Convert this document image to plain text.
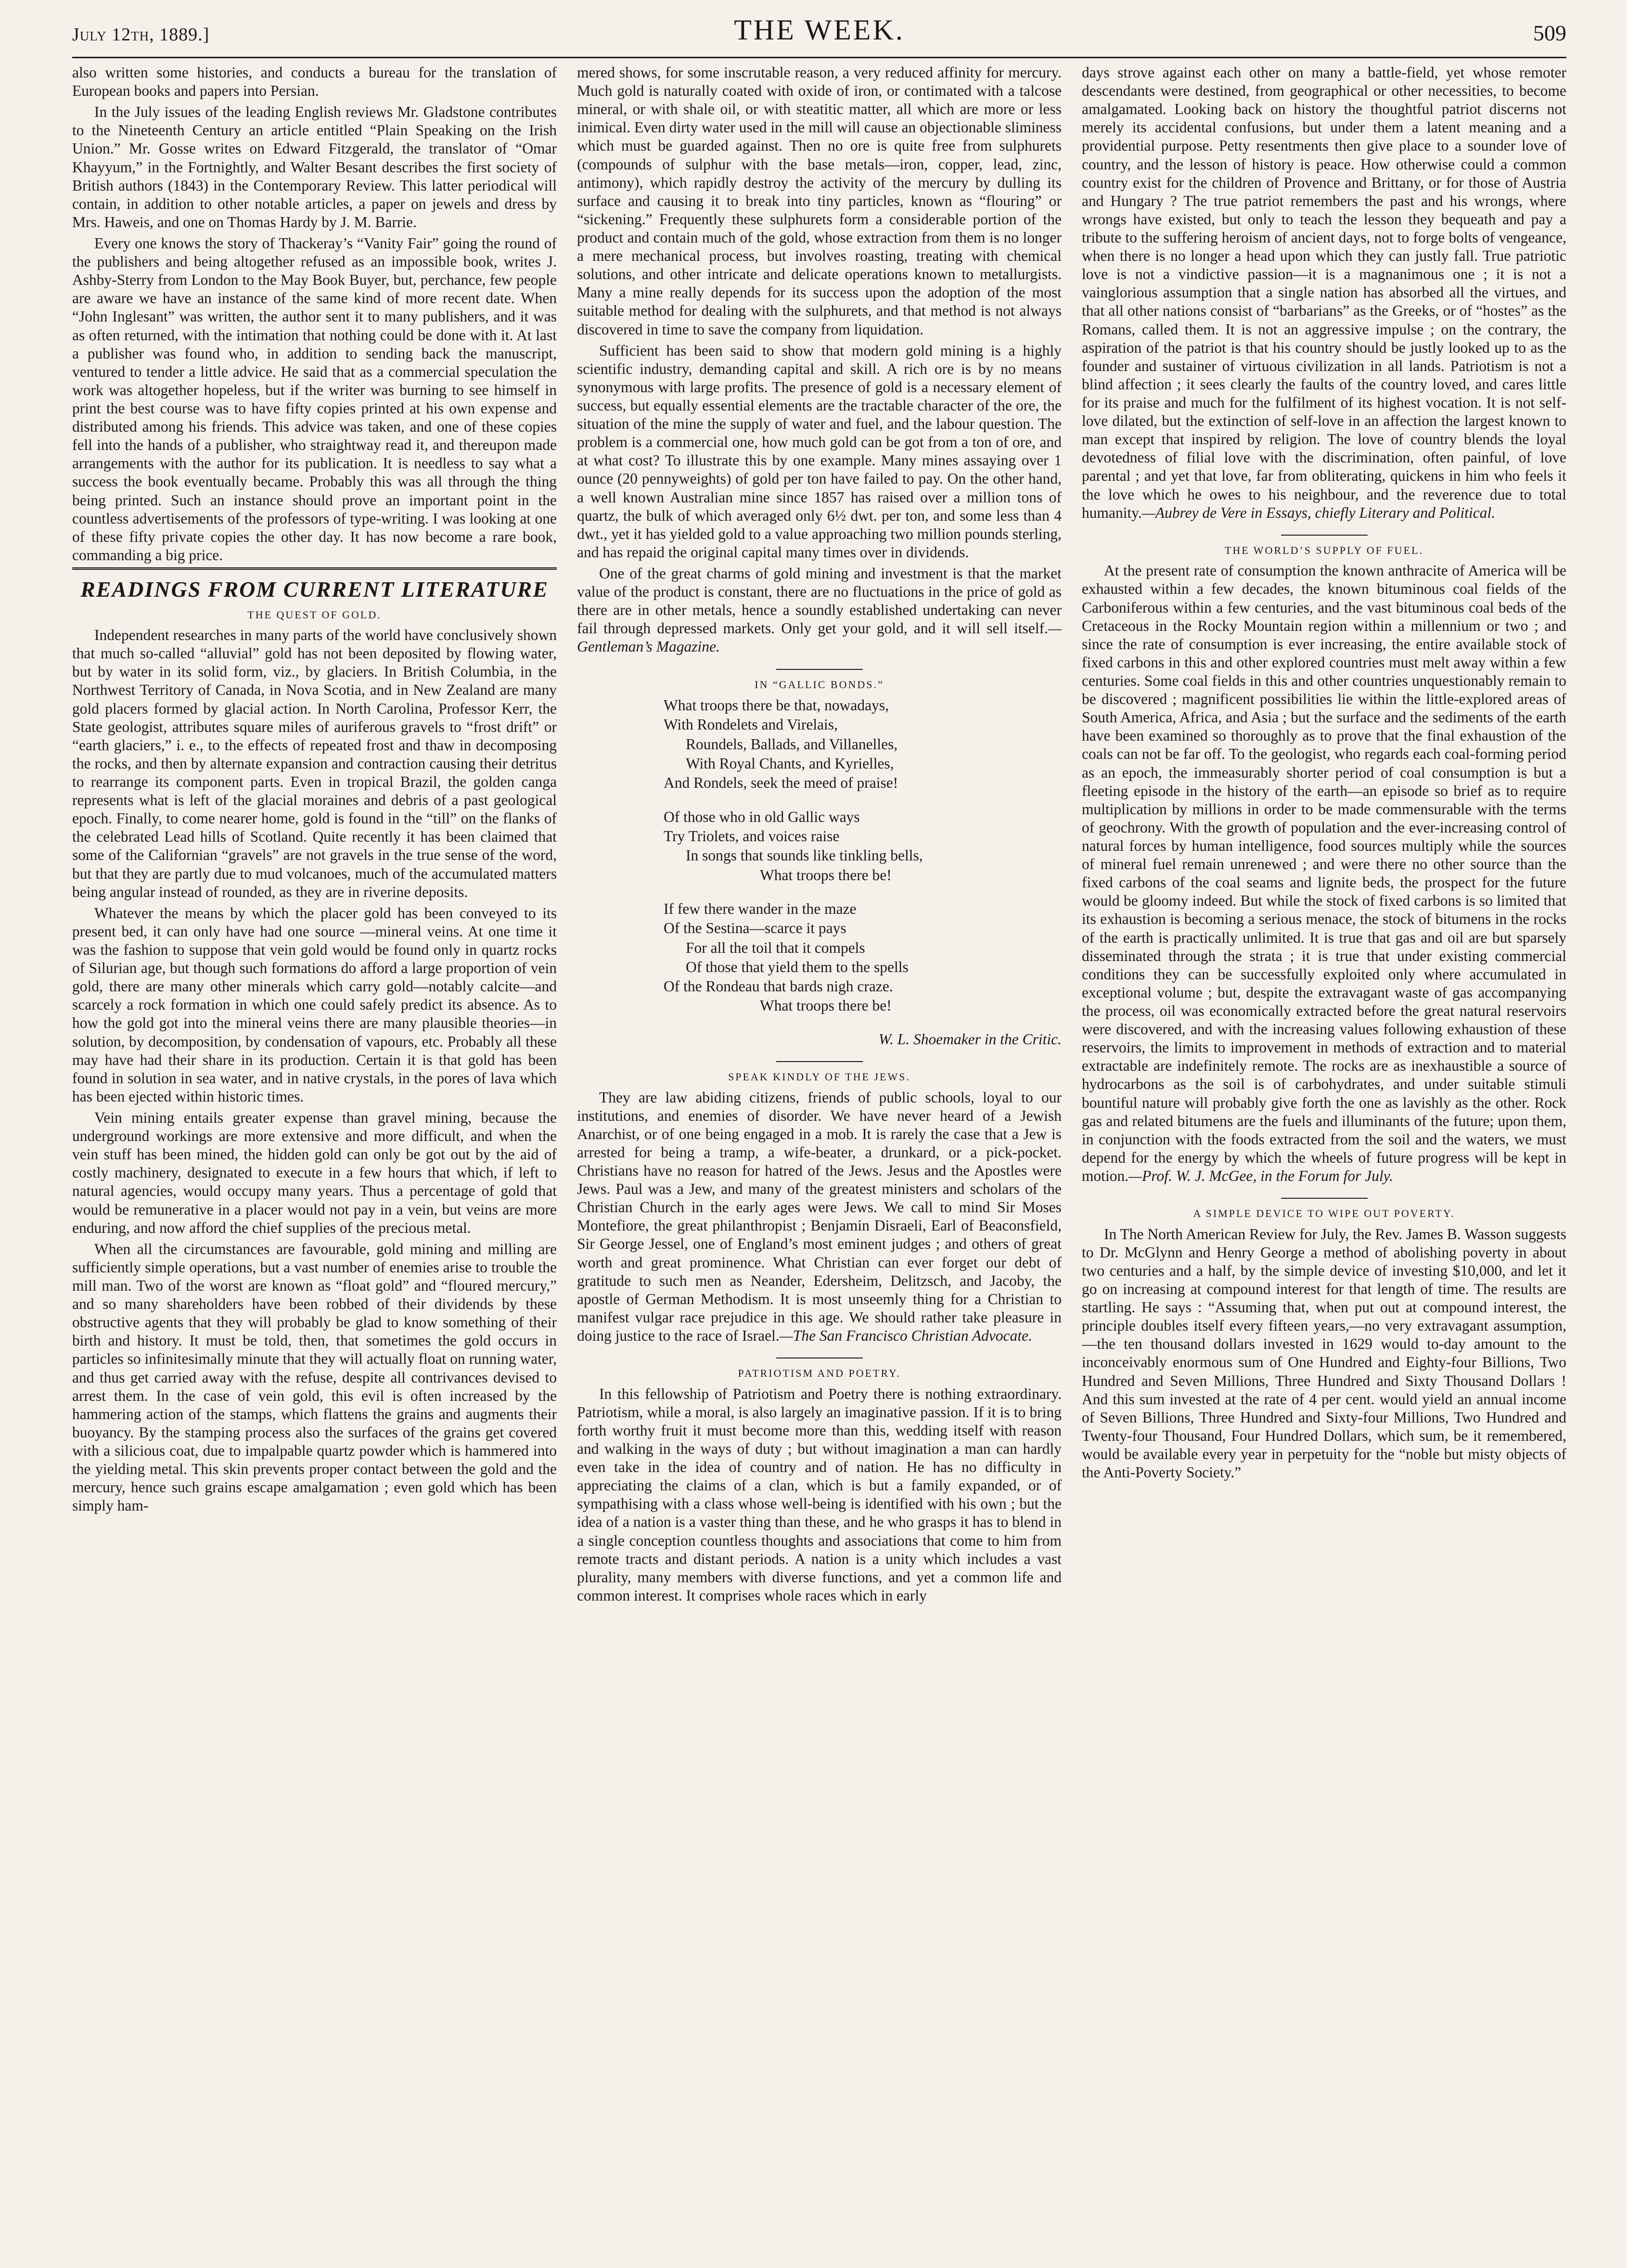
July 12th, 1889.]	THE WEEK.	509

also written some histories, and conducts a bureau for the translation of European books and papers into Persian.

In the July issues of the leading English reviews Mr. Gladstone contributes to the Nineteenth Century an article entitled “Plain Speaking on the Irish Union.” Mr. Gosse writes on Edward Fitzgerald, the translator of “Omar Khayyum,” in the Fortnightly, and Walter Besant describes the first society of British authors (1843) in the Contemporary Review. This latter periodical will contain, in addition to other notable articles, a paper on jewels and dress by Mrs. Haweis, and one on Thomas Hardy by J. M. Barrie.

Every one knows the story of Thackeray’s “Vanity Fair” going the round of the publishers and being altogether refused as an impossible book, writes J. Ashby-Sterry from London to the May Book Buyer, but, perchance, few people are aware we have an instance of the same kind of more recent date. When “John Inglesant” was written, the author sent it to many publishers, and it was as often returned, with the intimation that nothing could be done with it. At last a publisher was found who, in addition to sending back the manuscript, ventured to tender a little advice. He said that as a commercial speculation the work was altogether hopeless, but if the writer was burning to see himself in print the best course was to have fifty copies printed at his own expense and distributed among his friends. This advice was taken, and one of these copies fell into the hands of a publisher, who straightway read it, and thereupon made arrangements with the author for its publication. It is needless to say what a success the book eventually became. Probably this was all through the thing being printed. Such an instance should prove an important point in the countless advertisements of the professors of type-writing. I was looking at one of these fifty private copies the other day. It has now become a rare book, commanding a big price.

READINGS FROM CURRENT LITERATURE
THE QUEST OF GOLD.

Independent researches in many parts of the world have conclusively shown that much so-called “alluvial” gold has not been deposited by flowing water, but by water in its solid form, viz., by glaciers. In British Columbia, in the Northwest Territory of Canada, in Nova Scotia, and in New Zealand are many gold placers formed by glacial action. In North Carolina, Professor Kerr, the State geologist, attributes square miles of auriferous gravels to “frost drift” or “earth glaciers,” i. e., to the effects of repeated frost and thaw in decomposing the rocks, and then by alternate expansion and contraction causing their detritus to rearrange its component parts. Even in tropical Brazil, the golden canga represents what is left of the glacial moraines and debris of a past geological epoch. Finally, to come nearer home, gold is found in the “till” on the flanks of the celebrated Lead hills of Scotland. Quite recently it has been claimed that some of the Californian “gravels” are not gravels in the true sense of the word, but that they are partly due to mud volcanoes, much of the accumulated matters being angular instead of rounded, as they are in riverine deposits.

Whatever the means by which the placer gold has been conveyed to its present bed, it can only have had one source —mineral veins. At one time it was the fashion to suppose that vein gold would be found only in quartz rocks of Silurian age, but though such formations do afford a large proportion of vein gold, there are many other minerals which carry gold—notably calcite—and scarcely a rock formation in which one could safely predict its absence. As to how the gold got into the mineral veins there are many plausible theories—in solution, by decomposition, by condensation of vapours, etc. Probably all these may have had their share in its production. Certain it is that gold has been found in solution in sea water, and in native crystals, in the pores of lava which has been ejected within historic times.

Vein mining entails greater expense than gravel mining, because the underground workings are more extensive and more difficult, and when the vein stuff has been mined, the hidden gold can only be got out by the aid of costly machinery, designated to execute in a few hours that which, if left to natural agencies, would occupy many years. Thus a percentage of gold that would be remunerative in a placer would not pay in a vein, but veins are more enduring, and now afford the chief supplies of the precious metal.

When all the circumstances are favourable, gold mining and milling are sufficiently simple operations, but a vast number of enemies arise to trouble the mill man. Two of the worst are known as “float gold” and “floured mercury,” and so many shareholders have been robbed of their dividends by these obstructive agents that they will probably be glad to know something of their birth and history. It must be told, then, that sometimes the gold occurs in particles so infinitesimally minute that they will actually float on running water, and thus get carried away with the refuse, despite all contrivances devised to arrest them. In the case of vein gold, this evil is often increased by the hammering action of the stamps, which flattens the grains and augments their buoyancy. By the stamping process also the surfaces of the grains get covered with a silicious coat, due to impalpable quartz powder which is hammered into the yielding metal. This skin prevents proper contact between the gold and the mercury, hence such grains escape amalgamation ; even gold which has been simply ham-

mered shows, for some inscrutable reason, a very reduced affinity for mercury. Much gold is naturally coated with oxide of iron, or contimated with a talcose mineral, or with shale oil, or with steatitic matter, all which are more or less inimical. Even dirty water used in the mill will cause an objectionable sliminess which must be guarded against. Then no ore is quite free from sulphurets (compounds of sulphur with the base metals—iron, copper, lead, zinc, antimony), which rapidly destroy the activity of the mercury by dulling its surface and causing it to break into tiny particles, known as “flouring” or “sickening.” Frequently these sulphurets form a considerable portion of the product and contain much of the gold, whose extraction from them is no longer a mere mechanical process, but involves roasting, treating with chemical solutions, and other intricate and delicate operations known to metallurgists. Many a mine really depends for its success upon the adoption of the most suitable method for dealing with the sulphurets, and that method is not always discovered in time to save the company from liquidation.

Sufficient has been said to show that modern gold mining is a highly scientific industry, demanding capital and skill. A rich ore is by no means synonymous with large profits. The presence of gold is a necessary element of success, but equally essential elements are the tractable character of the ore, the situation of the mine the supply of water and fuel, and the labour question. The problem is a commercial one, how much gold can be got from a ton of ore, and at what cost? To illustrate this by one example. Many mines assaying over 1 ounce (20 pennyweights) of gold per ton have failed to pay. On the other hand, a well known Australian mine since 1857 has raised over a million tons of quartz, the bulk of which averaged only 6½ dwt. per ton, and some less than 4 dwt., yet it has yielded gold to a value approaching two million pounds sterling, and has repaid the original capital many times over in dividends.

One of the great charms of gold mining and investment is that the market value of the product is constant, there are no fluctuations in the price of gold as there are in other metals, hence a soundly established undertaking can never fail through depressed markets. Only get your gold, and it will sell itself.—Gentleman’s Magazine.

IN “GALLIC BONDS.”
What troops there be that, nowadays,
With Rondelets and Virelais,
Roundels, Ballads, and Villanelles,
With Royal Chants, and Kyrielles,
And Rondels, seek the meed of praise!
Of those who in old Gallic ways
Try Triolets, and voices raise
In songs that sounds like tinkling bells,
What troops there be!
If few there wander in the maze
Of the Sestina—scarce it pays
For all the toil that it compels
Of those that yield them to the spells
Of the Rondeau that bards nigh craze.
What troops there be!
W. L. Shoemaker in the Critic.
SPEAK KINDLY OF THE JEWS.

They are law abiding citizens, friends of public schools, loyal to our institutions, and enemies of disorder. We have never heard of a Jewish Anarchist, or of one being engaged in a mob. It is rarely the case that a Jew is arrested for being a tramp, a wife-beater, a drunkard, or a pick-pocket. Christians have no reason for hatred of the Jews. Jesus and the Apostles were Jews. Paul was a Jew, and many of the greatest ministers and scholars of the Christian Church in the early ages were Jews. We call to mind Sir Moses Montefiore, the great philanthropist ; Benjamin Disraeli, Earl of Beaconsfield, Sir George Jessel, one of England’s most eminent judges ; and others of great worth and great prominence. What Christian can ever forget our debt of gratitude to such men as Neander, Edersheim, Delitzsch, and Jacoby, the apostle of German Methodism. It is most unseemly thing for a Christian to manifest vulgar race prejudice in this age. We should rather take pleasure in doing justice to the race of Israel.—The San Francisco Christian Advocate.

PATRIOTISM AND POETRY.

In this fellowship of Patriotism and Poetry there is nothing extraordinary. Patriotism, while a moral, is also largely an imaginative passion. If it is to bring forth worthy fruit it must become more than this, wedding itself with reason and walking in the ways of duty ; but without imagination a man can hardly even take in the idea of country and of nation. He has no difficulty in appreciating the claims of a clan, which is but a family expanded, or of sympathising with a class whose well-being is identified with his own ; but the idea of a nation is a vaster thing than these, and he who grasps it has to blend in a single conception countless thoughts and associations that come to him from remote tracts and distant periods. A nation is a unity which includes a vast plurality, many members with diverse functions, and yet a common life and common interest. It comprises whole races which in early

days strove against each other on many a battle-field, yet whose remoter descendants were destined, from geographical or other necessities, to become amalgamated. Looking back on history the thoughtful patriot discerns not merely its accidental confusions, but under them a latent meaning and a providential purpose. Petty resentments then give place to a sounder love of country, and the lesson of history is peace. How otherwise could a common country exist for the children of Provence and Brittany, or for those of Austria and Hungary ? The true patriot remembers the past and his wrongs, where wrongs have existed, but only to teach the lesson they bequeath and pay a tribute to the suffering heroism of ancient days, not to forge bolts of vengeance, when there is no longer a head upon which they can justly fall. True patriotic love is not a vindictive passion—it is a magnanimous one ; it is not a vainglorious assumption that a single nation has absorbed all the virtues, and that all other nations consist of “barbarians” as the Greeks, or of “hostes” as the Romans, called them. It is not an aggressive impulse ; on the contrary, the aspiration of the patriot is that his country should be justly looked up to as the founder and sustainer of virtuous civilization in all lands. Patriotism is not a blind affection ; it sees clearly the faults of the country loved, and cares little for its praise and much for the fulfilment of its highest vocation. It is not self-love dilated, but the extinction of self-love in an affection the largest known to man except that inspired by religion. The love of country blends the loyal devotedness of filial love with the discrimination, often painful, of love parental ; and yet that love, far from obliterating, quickens in him who feels it the love which he owes to his neighbour, and the reverence due to total humanity.—Aubrey de Vere in Essays, chiefly Literary and Political.

THE WORLD’S SUPPLY OF FUEL.

At the present rate of consumption the known anthracite of America will be exhausted within a few decades, the known bituminous coal fields of the Carboniferous within a few centuries, and the vast bituminous coal beds of the Cretaceous in the Rocky Mountain region within a millennium or two ; and since the rate of consumption is ever increasing, the entire available stock of fixed carbons in this and other explored countries must melt away within a few centuries. Some coal fields in this and other countries unquestionably remain to be discovered ; magnificent possibilities lie within the little-explored areas of South America, Africa, and Asia ; but the surface and the sediments of the earth have been examined so thoroughly as to prove that the final exhaustion of the coals can not be far off. To the geologist, who regards each coal-forming period as an epoch, the immeasurably shorter period of coal consumption is but a fleeting episode in the history of the earth—an episode so brief as to require multiplication by millions in order to be made commensurable with the terms of geochrony. With the growth of population and the ever-increasing control of natural forces by human intelligence, food sources multiply while the sources of mineral fuel remain unrenewed ; and were there no other source than the fixed carbons of the coal seams and lignite beds, the prospect for the future would be gloomy indeed. But while the stock of fixed carbons is so limited that its exhaustion is becoming a serious menace, the stock of bitumens in the rocks of the earth is practically unlimited. It is true that gas and oil are but sparsely disseminated through the strata ; it is true that under existing commercial conditions they can be successfully exploited only where accumulated in exceptional volume ; but, despite the extravagant waste of gas accompanying the process, oil was economically extracted before the great natural reservoirs were discovered, and with the increasing values following exhaustion of these reservoirs, the limits to improvement in methods of extraction and to material extractable are indefinitely remote. The rocks are as inexhaustible a source of hydrocarbons as the soil is of carbohydrates, and under suitable stimuli bountiful nature will probably give forth the one as lavishly as the other. Rock gas and related bitumens are the fuels and illuminants of the future; upon them, in conjunction with the foods extracted from the soil and the waters, we must depend for the energy by which the wheels of future progress will be kept in motion.—Prof. W. J. McGee, in the Forum for July.

A SIMPLE DEVICE TO WIPE OUT POVERTY.

In The North American Review for July, the Rev. James B. Wasson suggests to Dr. McGlynn and Henry George a method of abolishing poverty in about two centuries and a half, by the simple device of investing $10,000, and let it go on increasing at compound interest for that length of time. The results are startling. He says : “Assuming that, when put out at compound interest, the principle doubles itself every fifteen years,—no very extravagant assumption,—the ten thousand dollars invested in 1629 would to-day amount to the inconceivably enormous sum of One Hundred and Eighty-four Billions, Two Hundred and Seven Millions, Three Hundred and Sixty Thousand Dollars ! And this sum invested at the rate of 4 per cent. would yield an annual income of Seven Billions, Three Hundred and Sixty-four Millions, Two Hundred and Twenty-four Thousand, Four Hundred Dollars, which sum, be it remembered, would be available every year in perpetuity for the “noble but misty objects of the Anti-Poverty Society.”
